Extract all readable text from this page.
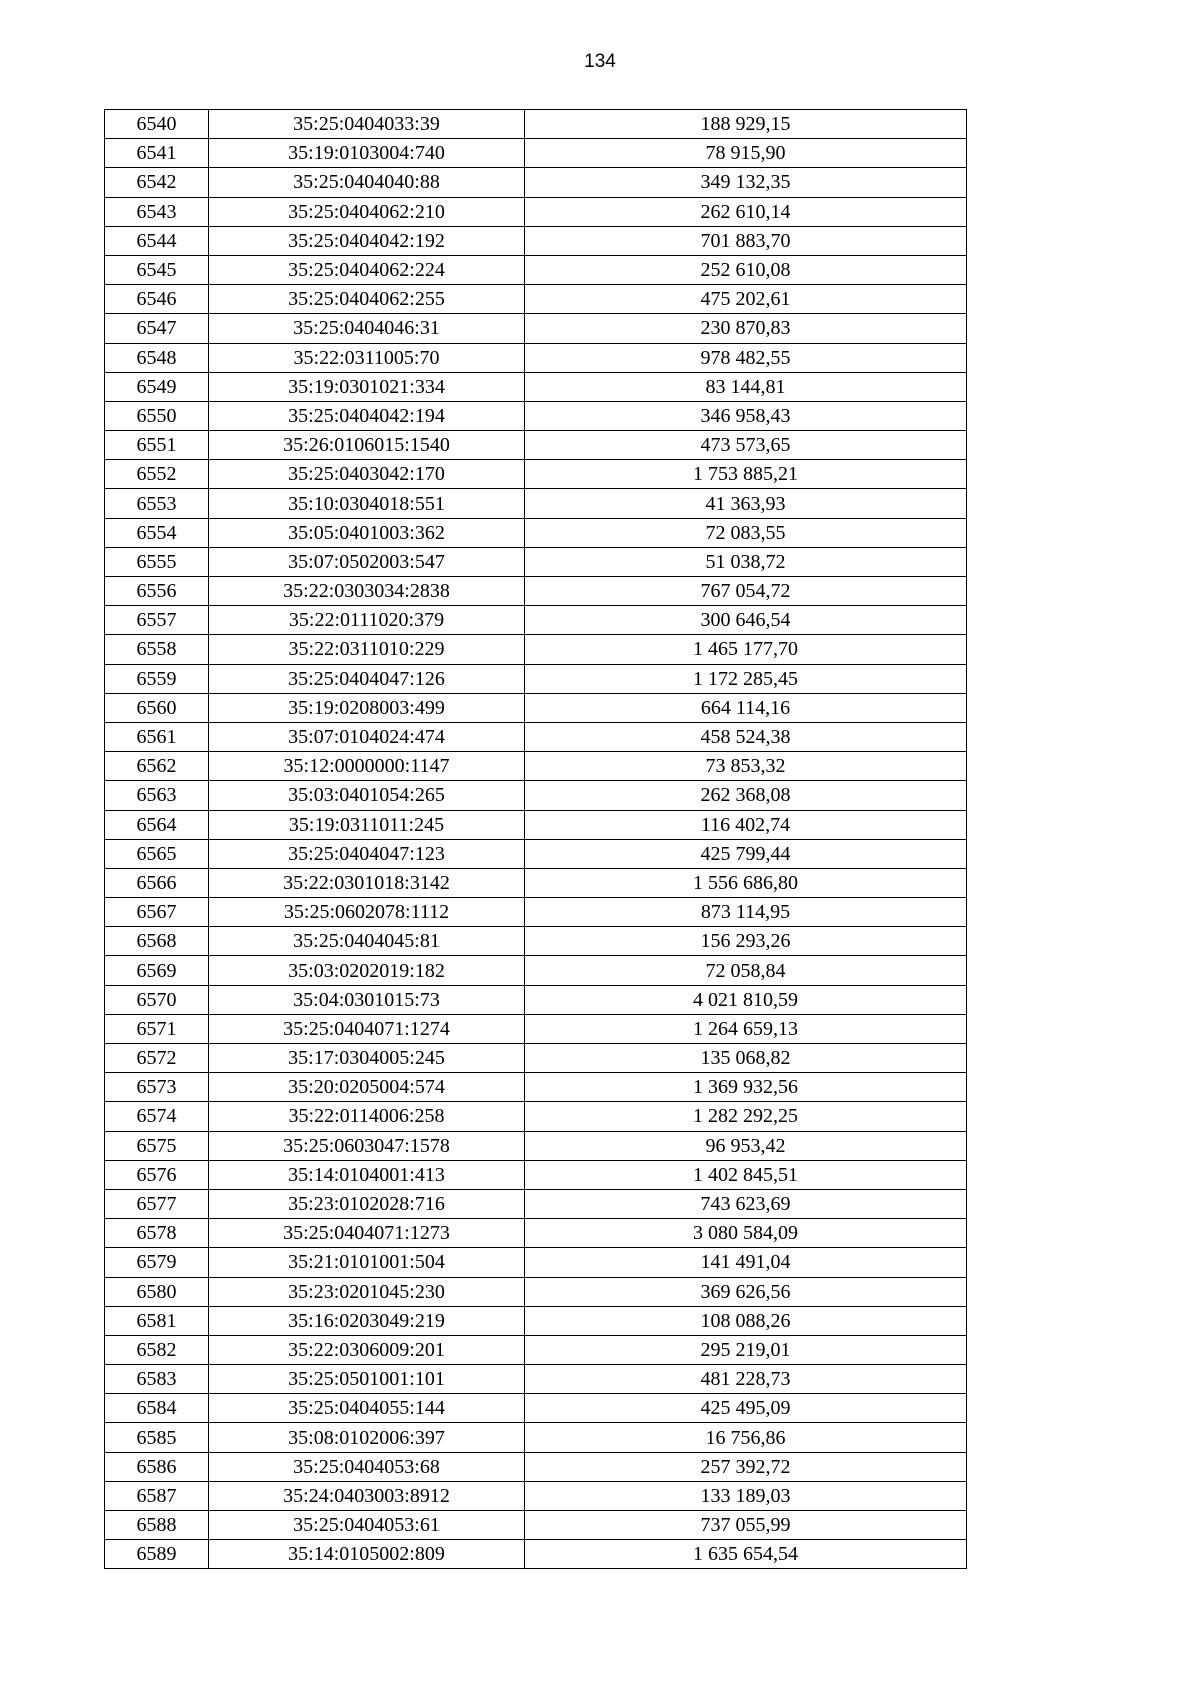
134
6540	35:25:0404033:39	188 929,15
6541	35:19:0103004:740	78 915,90
6542	35:25:0404040:88	349 132,35
6543	35:25:0404062:210	262 610,14
6544	35:25:0404042:192	701 883,70
6545	35:25:0404062:224	252 610,08
6546	35:25:0404062:255	475 202,61
6547	35:25:0404046:31	230 870,83
6548	35:22:0311005:70	978 482,55
6549	35:19:0301021:334	83 144,81
6550	35:25:0404042:194	346 958,43
6551	35:26:0106015:1540	473 573,65
6552	35:25:0403042:170	1 753 885,21
6553	35:10:0304018:551	41 363,93
6554	35:05:0401003:362	72 083,55
6555	35:07:0502003:547	51 038,72
6556	35:22:0303034:2838	767 054,72
6557	35:22:0111020:379	300 646,54
6558	35:22:0311010:229	1 465 177,70
6559	35:25:0404047:126	1 172 285,45
6560	35:19:0208003:499	664 114,16
6561	35:07:0104024:474	458 524,38
6562	35:12:0000000:1147	73 853,32
6563	35:03:0401054:265	262 368,08
6564	35:19:0311011:245	116 402,74
6565	35:25:0404047:123	425 799,44
6566	35:22:0301018:3142	1 556 686,80
6567	35:25:0602078:1112	873 114,95
6568	35:25:0404045:81	156 293,26
6569	35:03:0202019:182	72 058,84
6570	35:04:0301015:73	4 021 810,59
6571	35:25:0404071:1274	1 264 659,13
6572	35:17:0304005:245	135 068,82
6573	35:20:0205004:574	1 369 932,56
6574	35:22:0114006:258	1 282 292,25
6575	35:25:0603047:1578	96 953,42
6576	35:14:0104001:413	1 402 845,51
6577	35:23:0102028:716	743 623,69
6578	35:25:0404071:1273	3 080 584,09
6579	35:21:0101001:504	141 491,04
6580	35:23:0201045:230	369 626,56
6581	35:16:0203049:219	108 088,26
6582	35:22:0306009:201	295 219,01
6583	35:25:0501001:101	481 228,73
6584	35:25:0404055:144	425 495,09
6585	35:08:0102006:397	16 756,86
6586	35:25:0404053:68	257 392,72
6587	35:24:0403003:8912	133 189,03
6588	35:25:0404053:61	737 055,99
6589	35:14:0105002:809	1 635 654,54
